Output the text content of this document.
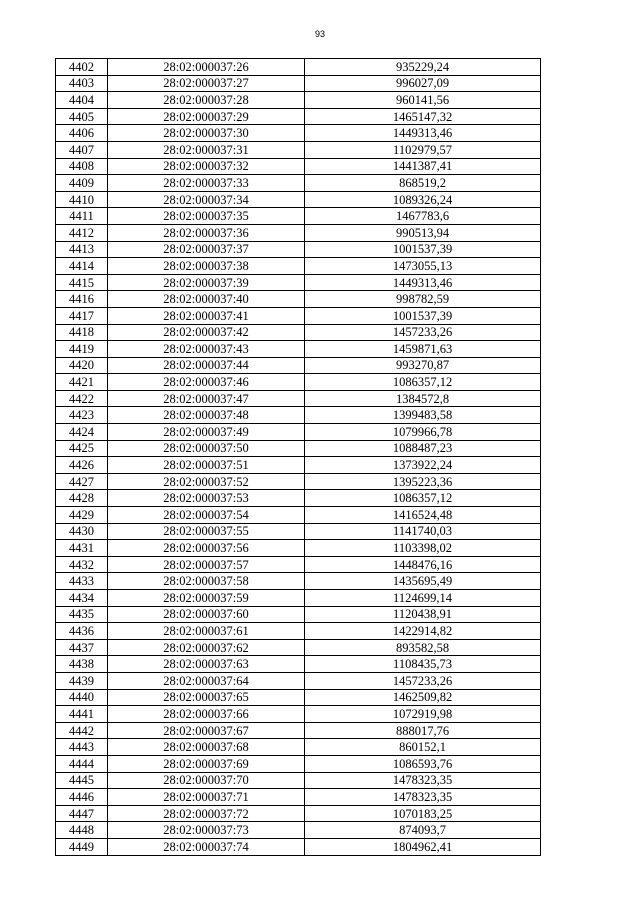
93
4402	28:02:000037:26	935229,24
4403	28:02:000037:27	996027,09
4404	28:02:000037:28	960141,56
4405	28:02:000037:29	1465147,32
4406	28:02:000037:30	1449313,46
4407	28:02:000037:31	1102979,57
4408	28:02:000037:32	1441387,41
4409	28:02:000037:33	868519,2
4410	28:02:000037:34	1089326,24
4411	28:02:000037:35	1467783,6
4412	28:02:000037:36	990513,94
4413	28:02:000037:37	1001537,39
4414	28:02:000037:38	1473055,13
4415	28:02:000037:39	1449313,46
4416	28:02:000037:40	998782,59
4417	28:02:000037:41	1001537,39
4418	28:02:000037:42	1457233,26
4419	28:02:000037:43	1459871,63
4420	28:02:000037:44	993270,87
4421	28:02:000037:46	1086357,12
4422	28:02:000037:47	1384572,8
4423	28:02:000037:48	1399483,58
4424	28:02:000037:49	1079966,78
4425	28:02:000037:50	1088487,23
4426	28:02:000037:51	1373922,24
4427	28:02:000037:52	1395223,36
4428	28:02:000037:53	1086357,12
4429	28:02:000037:54	1416524,48
4430	28:02:000037:55	1141740,03
4431	28:02:000037:56	1103398,02
4432	28:02:000037:57	1448476,16
4433	28:02:000037:58	1435695,49
4434	28:02:000037:59	1124699,14
4435	28:02:000037:60	1120438,91
4436	28:02:000037:61	1422914,82
4437	28:02:000037:62	893582,58
4438	28:02:000037:63	1108435,73
4439	28:02:000037:64	1457233,26
4440	28:02:000037:65	1462509,82
4441	28:02:000037:66	1072919,98
4442	28:02:000037:67	888017,76
4443	28:02:000037:68	860152,1
4444	28:02:000037:69	1086593,76
4445	28:02:000037:70	1478323,35
4446	28:02:000037:71	1478323,35
4447	28:02:000037:72	1070183,25
4448	28:02:000037:73	874093,7
4449	28:02:000037:74	1804962,41
